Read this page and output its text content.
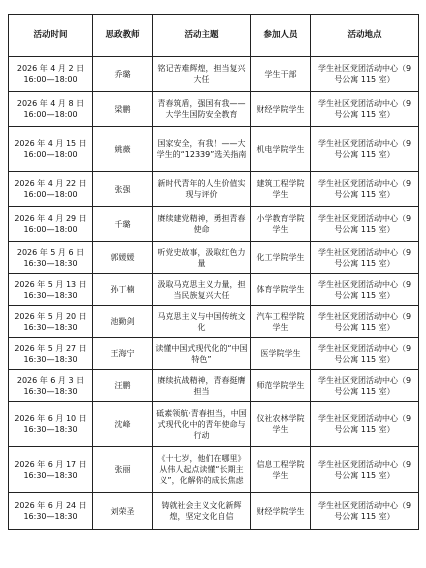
活动时间	思政教师	活动主题	参加人员	活动地点

2026 年 4 月 2 日
16:00—18:00	乔璐	铭记苦难辉煌，担当复兴大任	学生干部	学生社区党团活动中心（9 号公寓 115 室）

2026 年 4 月 8 日
16:00—18:00	梁鹏	青春筑盾，强国有我——大学生国防安全教育	财经学院学生	学生社区党团活动中心（9 号公寓 115 室）

2026 年 4 月 15 日
16:00—18:00	姚薇	国家安全，有我！——大学生的“12339”选关指南	机电学院学生	学生社区党团活动中心（9 号公寓 115 室）

2026 年 4 月 22 日
16:00—18:00	张强	新时代青年的人生价值实现与评价	建筑工程学院学生	学生社区党团活动中心（9 号公寓 115 室）

2026 年 4 月 29 日
16:00—18:00	千璐	赓续建党精神，勇担青春使命	小学教育学院学生	学生社区党团活动中心（9 号公寓 115 室）

2026 年 5 月 6 日
16:30—18:30	郭媛媛	听党史故事，汲取红色力量	化工学院学生	学生社区党团活动中心（9 号公寓 115 室）

2026 年 5 月 13 日
16:30—18:30	孙丁楠	汲取马克思主义力量，担当民族复兴大任	体育学院学生	学生社区党团活动中心（9 号公寓 115 室）

2026 年 5 月 20 日
16:30—18:30	池勤剑	马克思主义与中国传统文化	汽车工程学院学生	学生社区党团活动中心（9 号公寓 115 室）

2026 年 5 月 27 日
16:30—18:30	王海宁	读懂中国式现代化的“中国特色”	医学院学生	学生社区党团活动中心（9 号公寓 115 室）

2026 年 6 月 3 日
16:30—18:30	汪鹏	赓续抗战精神，青春挺膺担当	师范学院学生	学生社区党团活动中心（9 号公寓 115 室）

2026 年 6 月 10 日
16:30—18:30	沈峰	砥素领航·青春担当，中国式现代化中的青年使命与行动	仪社农林学院学生	学生社区党团活动中心（9 号公寓 115 室）

2026 年 6 月 17 日
16:30—18:30	张丽	《十七岁，他们在哪里》从伟人起点读懂“长期主义”，化解你的成长焦虑	信息工程学院学生	学生社区党团活动中心（9 号公寓 115 室）

2026 年 6 月 24 日
16:30—18:30	刘荣圣	铸就社会主义文化新辉煌，坚定文化自信	财经学院学生	学生社区党团活动中心（9 号公寓 115 室）
